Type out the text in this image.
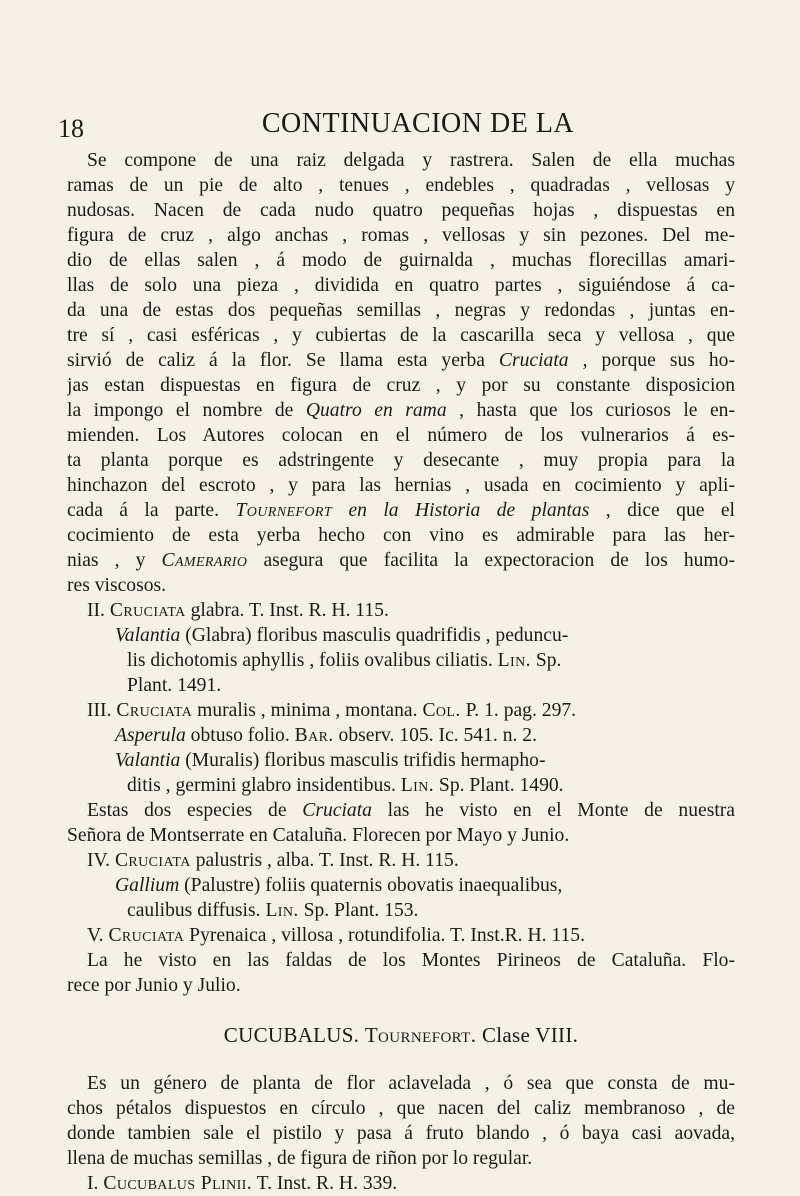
18	CONTINUACION DE LA
Se compone de una raiz delgada y rastrera. Salen de ella muchas
ramas de un pie de alto , tenues , endebles , quadradas , vellosas y
nudosas. Nacen de cada nudo quatro pequeñas hojas , dispuestas en
figura de cruz , algo anchas , romas , vellosas y sin pezones. Del me-
dio de ellas salen , á modo de guirnalda , muchas florecillas amari-
llas de solo una pieza , dividida en quatro partes , siguiéndose á ca-
da una de estas dos pequeñas semillas , negras y redondas , juntas en-
tre sí , casi esféricas , y cubiertas de la cascarilla seca y vellosa , que
sirvió de caliz á la flor. Se llama esta yerba Cruciata , porque sus ho-
jas estan dispuestas en figura de cruz , y por su constante disposicion
la impongo el nombre de Quatro en rama , hasta que los curiosos le en-
mienden. Los Autores colocan en el número de los vulnerarios á es-
ta planta porque es adstringente y desecante , muy propia para la
hinchazon del escroto , y para las hernias , usada en cocimiento y apli-
cada á la parte. Tournefort en la Historia de plantas , dice que el
cocimiento de esta yerba hecho con vino es admirable para las her-
nias , y Camerario asegura que facilita la expectoracion de los humo-
res viscosos.
II. Cruciata glabra. T. Inst. R. H. 115.
Valantia (Glabra) floribus masculis quadrifidis , peduncu-
lis dichotomis aphyllis , foliis ovalibus ciliatis. Lin. Sp.
Plant. 1491.
III. Cruciata muralis , minima , montana. Col. P. 1. pag. 297.
Asperula obtuso folio. Bar. observ. 105. Ic. 541. n. 2.
Valantia (Muralis) floribus masculis trifidis hermapho-
ditis , germini glabro insidentibus. Lin. Sp. Plant. 1490.
Estas dos especies de Cruciata las he visto en el Monte de nuestra
Señora de Montserrate en Cataluña. Florecen por Mayo y Junio.
IV. Cruciata palustris , alba. T. Inst. R. H. 115.
Gallium (Palustre) foliis quaternis obovatis inaequalibus,
caulibus diffusis. Lin. Sp. Plant. 153.
V. Cruciata Pyrenaica , villosa , rotundifolia. T. Inst.R. H. 115.
La he visto en las faldas de los Montes Pirineos de Cataluña. Flo-
rece por Junio y Julio.
CUCUBALUS. Tournefort. Clase VIII.
Es un género de planta de flor aclavelada , ó sea que consta de mu-
chos pétalos dispuestos en círculo , que nacen del caliz membranoso , de
donde tambien sale el pistilo y pasa á fruto blando , ó baya casi aovada,
llena de muchas semillas , de figura de riñon por lo regular.
I. Cucubalus Plinii. T. Inst. R. H. 339.
